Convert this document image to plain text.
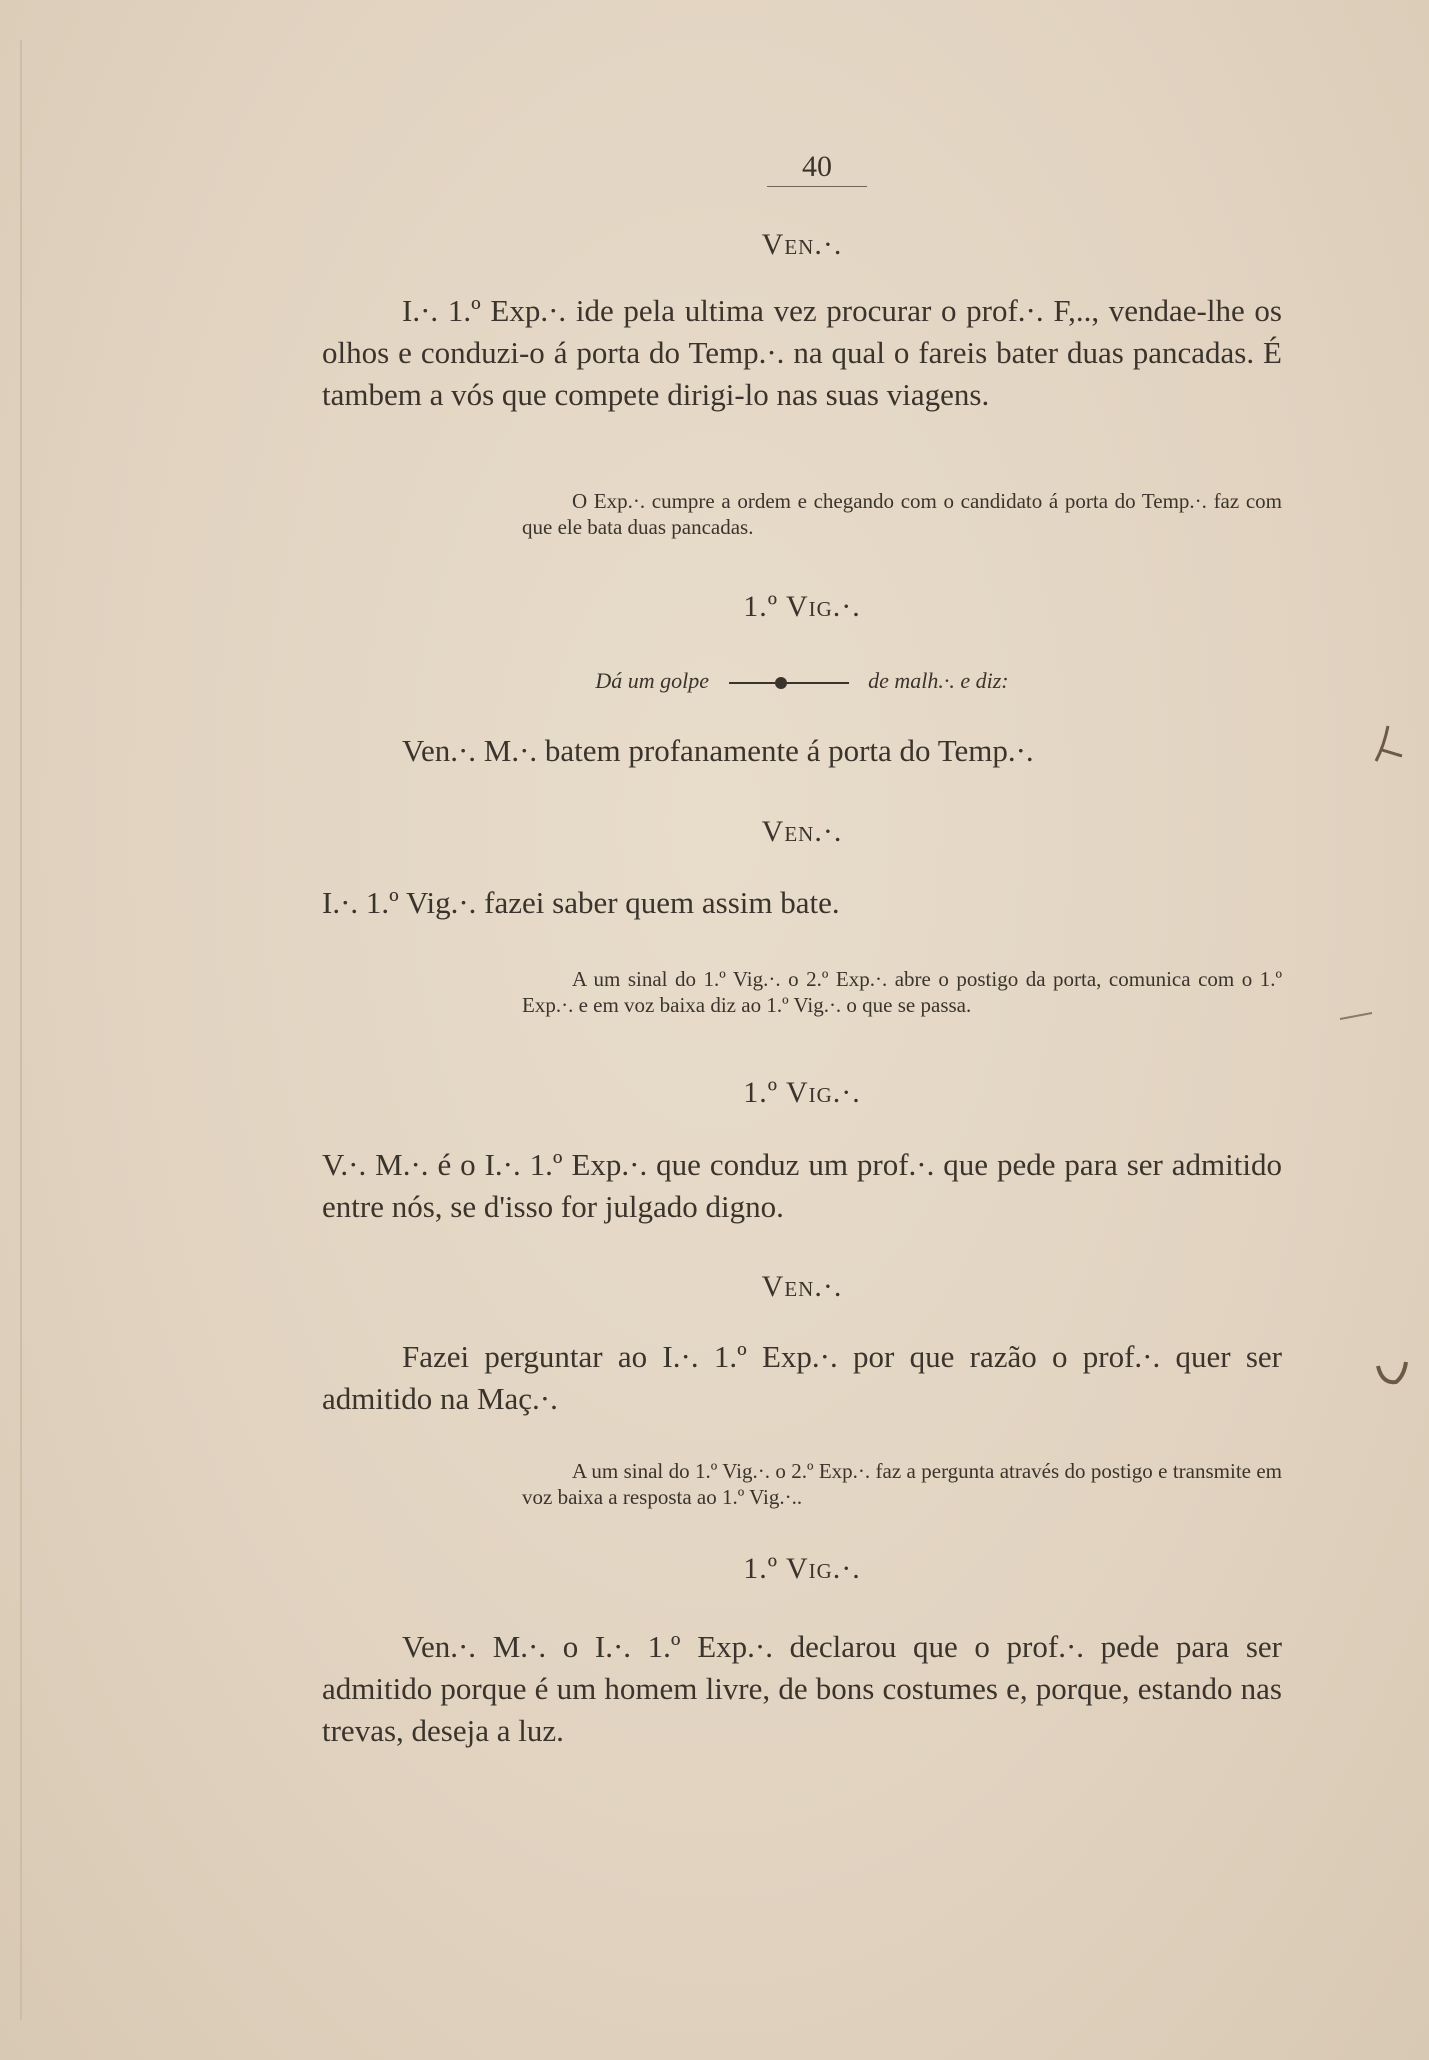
40
Ven.·.
I.·. 1.º Exp.·. ide pela ultima vez procurar o prof.·. F,.., vendae-lhe os olhos e conduzi-o á porta do Temp.·. na qual o fareis bater duas pancadas. É tambem a vós que compete dirigi-lo nas suas viagens.
O Exp.·. cumpre a ordem e chegando com o candidato á porta do Temp.·. faz com que ele bata duas pancadas.
1.º Vig.·.
Dá um golpe	de malh.·. e diz:
Ven.·. M.·. batem profanamente á porta do Temp.·.
Ven.·.
I.·. 1.º Vig.·. fazei saber quem assim bate.
A um sinal do 1.º Vig.·. o 2.º Exp.·. abre o postigo da porta, comunica com o 1.º Exp.·. e em voz baixa diz ao 1.º Vig.·. o que se passa.
1.º Vig.·.
V.·. M.·. é o I.·. 1.º Exp.·. que conduz um prof.·. que pede para ser admitido entre nós, se d'isso for julgado digno.
Ven.·.
Fazei perguntar ao I.·. 1.º Exp.·. por que razão o prof.·. quer ser admitido na Maç.·.
A um sinal do 1.º Vig.·. o 2.º Exp.·. faz a pergunta através do postigo e transmite em voz baixa a resposta ao 1.º Vig.·..
1.º Vig.·.
Ven.·. M.·. o I.·. 1.º Exp.·. declarou que o prof.·. pede para ser admitido porque é um homem livre, de bons costumes e, porque, estando nas trevas, deseja a luz.
